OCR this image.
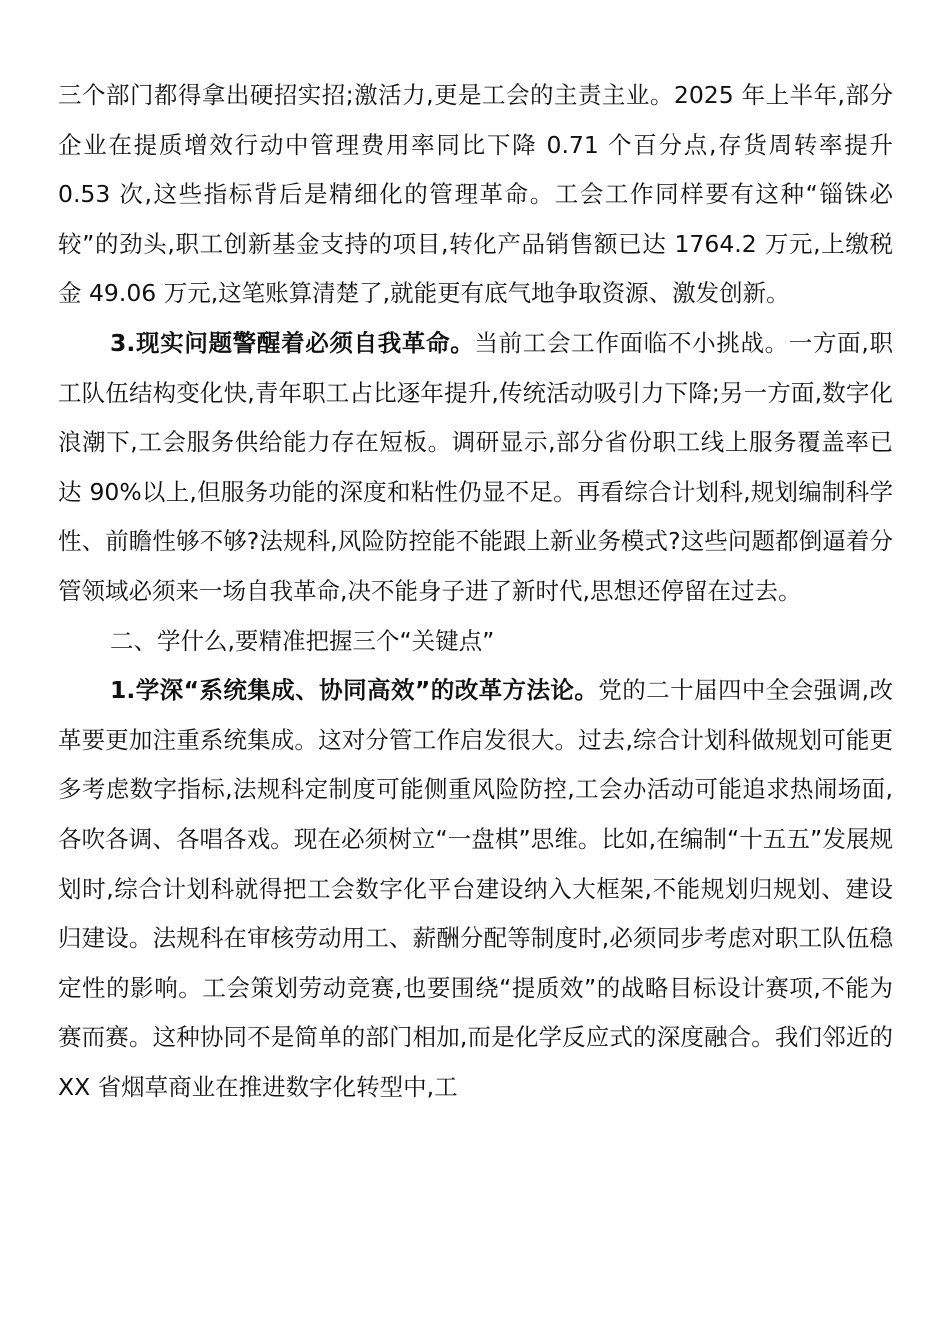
三个部门都得拿出硬招实招;激活力,更是工会的主责主业。2025 年上半年,部分企业在提质增效行动中管理费用率同比下降 0.71 个百分点,存货周转率提升 0.53 次,这些指标背后是精细化的管理革命。工会工作同样要有这种“锱铢必较”的劲头,职工创新基金支持的项目,转化产品销售额已达 1764.2 万元,上缴税金 49.06 万元,这笔账算清楚了,就能更有底气地争取资源、激发创新。

3.现实问题警醒着必须自我革命。当前工会工作面临不小挑战。一方面,职工队伍结构变化快,青年职工占比逐年提升,传统活动吸引力下降;另一方面,数字化浪潮下,工会服务供给能力存在短板。调研显示,部分省份职工线上服务覆盖率已达 90%以上,但服务功能的深度和粘性仍显不足。再看综合计划科,规划编制科学性、前瞻性够不够?法规科,风险防控能不能跟上新业务模式?这些问题都倒逼着分管领域必须来一场自我革命,决不能身子进了新时代,思想还停留在过去。

二、学什么,要精准把握三个“关键点”

1.学深“系统集成、协同高效”的改革方法论。党的二十届四中全会强调,改革要更加注重系统集成。这对分管工作启发很大。过去,综合计划科做规划可能更多考虑数字指标,法规科定制度可能侧重风险防控,工会办活动可能追求热闹场面,各吹各调、各唱各戏。现在必须树立“一盘棋”思维。比如,在编制“十五五”发展规划时,综合计划科就得把工会数字化平台建设纳入大框架,不能规划归规划、建设归建设。法规科在审核劳动用工、薪酬分配等制度时,必须同步考虑对职工队伍稳定性的影响。工会策划劳动竞赛,也要围绕“提质效”的战略目标设计赛项,不能为赛而赛。这种协同不是简单的部门相加,而是化学反应式的深度融合。我们邻近的 XX 省烟草商业在推进数字化转型中,工
